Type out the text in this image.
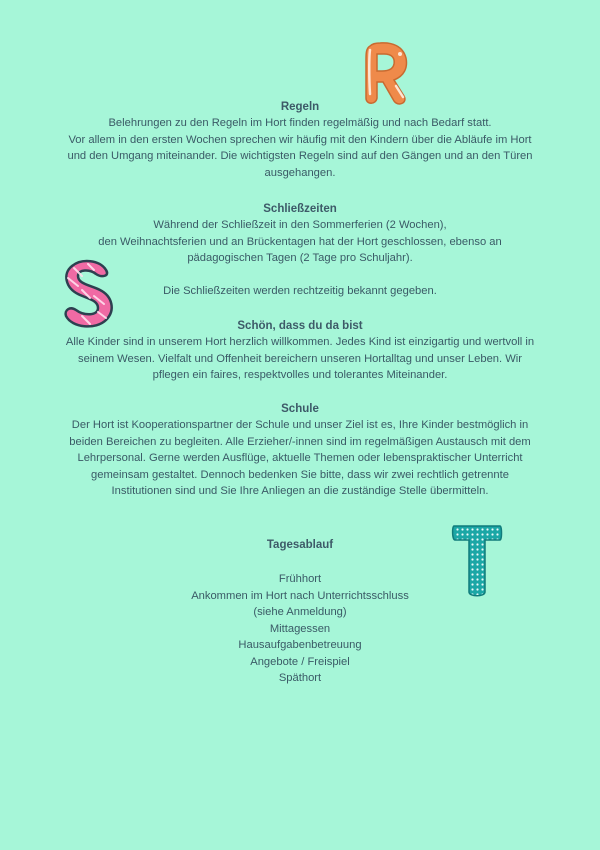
Regeln
Belehrungen zu den Regeln im Hort finden regelmäßig und nach Bedarf statt.
Vor allem in den ersten Wochen sprechen wir häufig mit den Kindern über die Abläufe im Hort
und den Umgang miteinander. Die wichtigsten Regeln sind auf den Gängen und an den Türen
ausgehangen.
Schließzeiten
Während der Schließzeit in den Sommerferien (2 Wochen),
den Weihnachtsferien und an Brückentagen hat der Hort geschlossen, ebenso an
pädagogischen Tagen (2 Tage pro Schuljahr).
Die Schließzeiten werden rechtzeitig bekannt gegeben.
Schön, dass du da bist
Alle Kinder sind in unserem Hort herzlich willkommen. Jedes Kind ist einzigartig und wertvoll in
seinem Wesen. Vielfalt und Offenheit bereichern unseren Hortalltag und unser Leben. Wir
pflegen ein faires, respektvolles und tolerantes Miteinander.
Schule
Der Hort ist Kooperationspartner der Schule und unser Ziel ist es, Ihre Kinder bestmöglich in
beiden Bereichen zu begleiten. Alle Erzieher/-innen sind im regelmäßigen Austausch mit dem
Lehrpersonal. Gerne werden Ausflüge, aktuelle Themen oder lebenspraktischer Unterricht
gemeinsam gestaltet. Dennoch bedenken Sie bitte, dass wir zwei rechtlich getrennte
Institutionen sind und Sie Ihre Anliegen an die zuständige Stelle übermitteln.
Tagesablauf
Frühhort
Ankommen im Hort nach Unterrichtsschluss
(siehe Anmeldung)
Mittagessen
Hausaufgabenbetreuung
Angebote / Freispiel
Späthort
